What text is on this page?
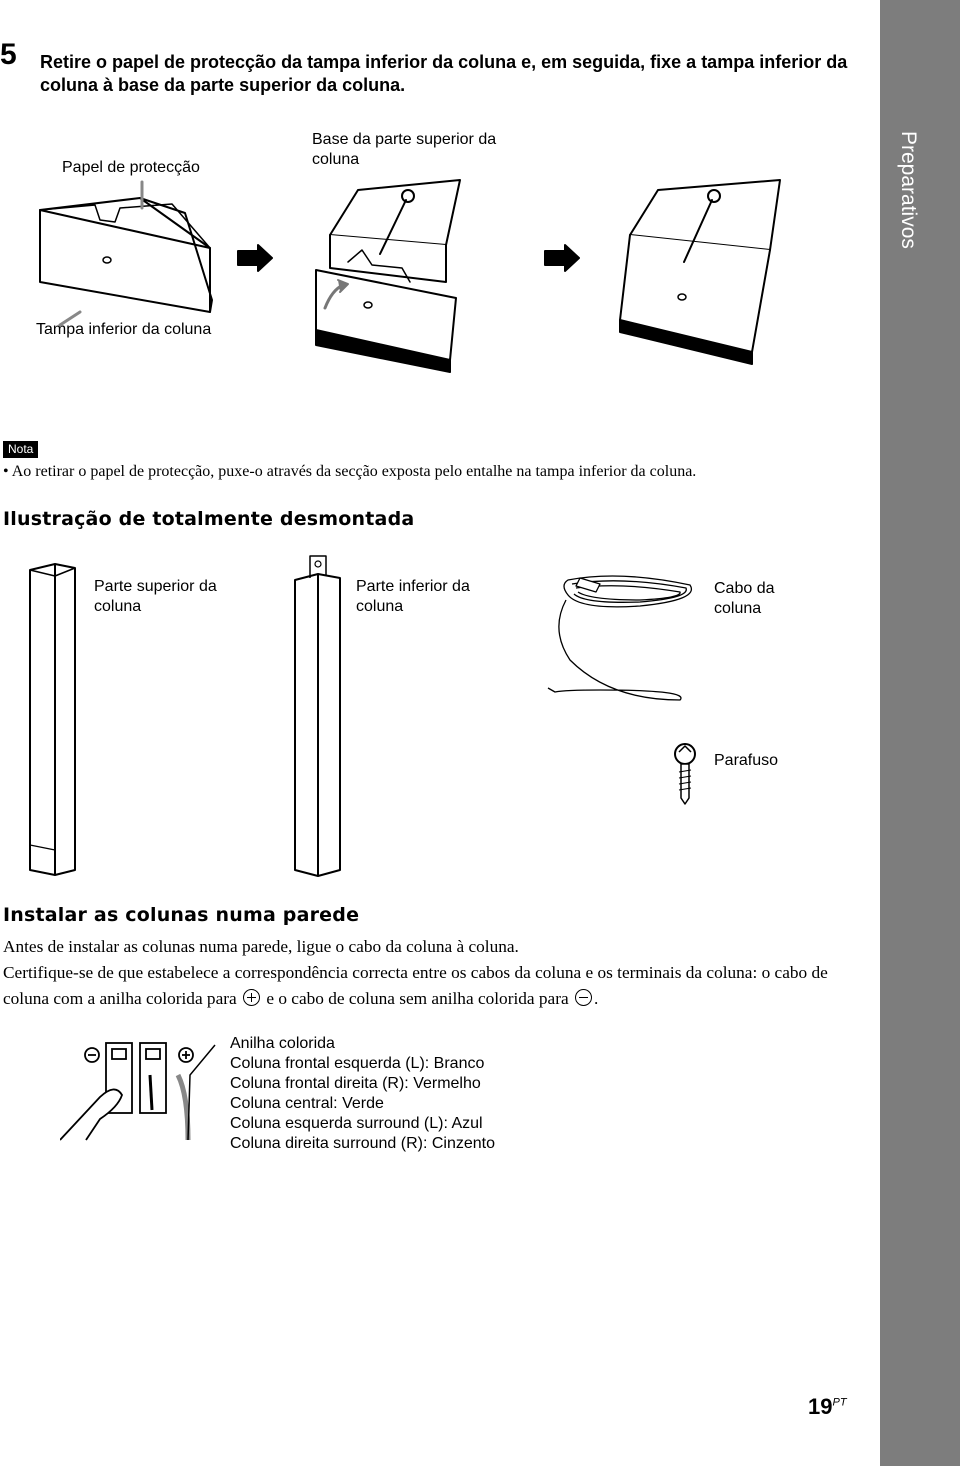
Preparativos
5 Retire o papel de protecção da tampa inferior da coluna e, em seguida, fixe a tampa inferior da coluna à base da parte superior da coluna.
Papel de protecção
Base da parte superior da coluna
Tampa inferior da coluna
Nota
• Ao retirar o papel de protecção, puxe-o através da secção exposta pelo entalhe na tampa inferior da coluna.
Ilustração de totalmente desmontada
Parte superior da coluna
Parte inferior da coluna
Cabo da coluna
Parafuso
Instalar as colunas numa parede
Antes de instalar as colunas numa parede, ligue o cabo da coluna à coluna.
Certifique-se de que estabelece a correspondência correcta entre os cabos da coluna e os terminais da coluna: o cabo de coluna com a anilha colorida para e o cabo de coluna sem anilha colorida para .
Anilha colorida
Coluna frontal esquerda (L): Branco
Coluna frontal direita (R): Vermelho
Coluna central: Verde
Coluna esquerda surround (L): Azul
Coluna direita surround (R): Cinzento
$19^{PT}$
